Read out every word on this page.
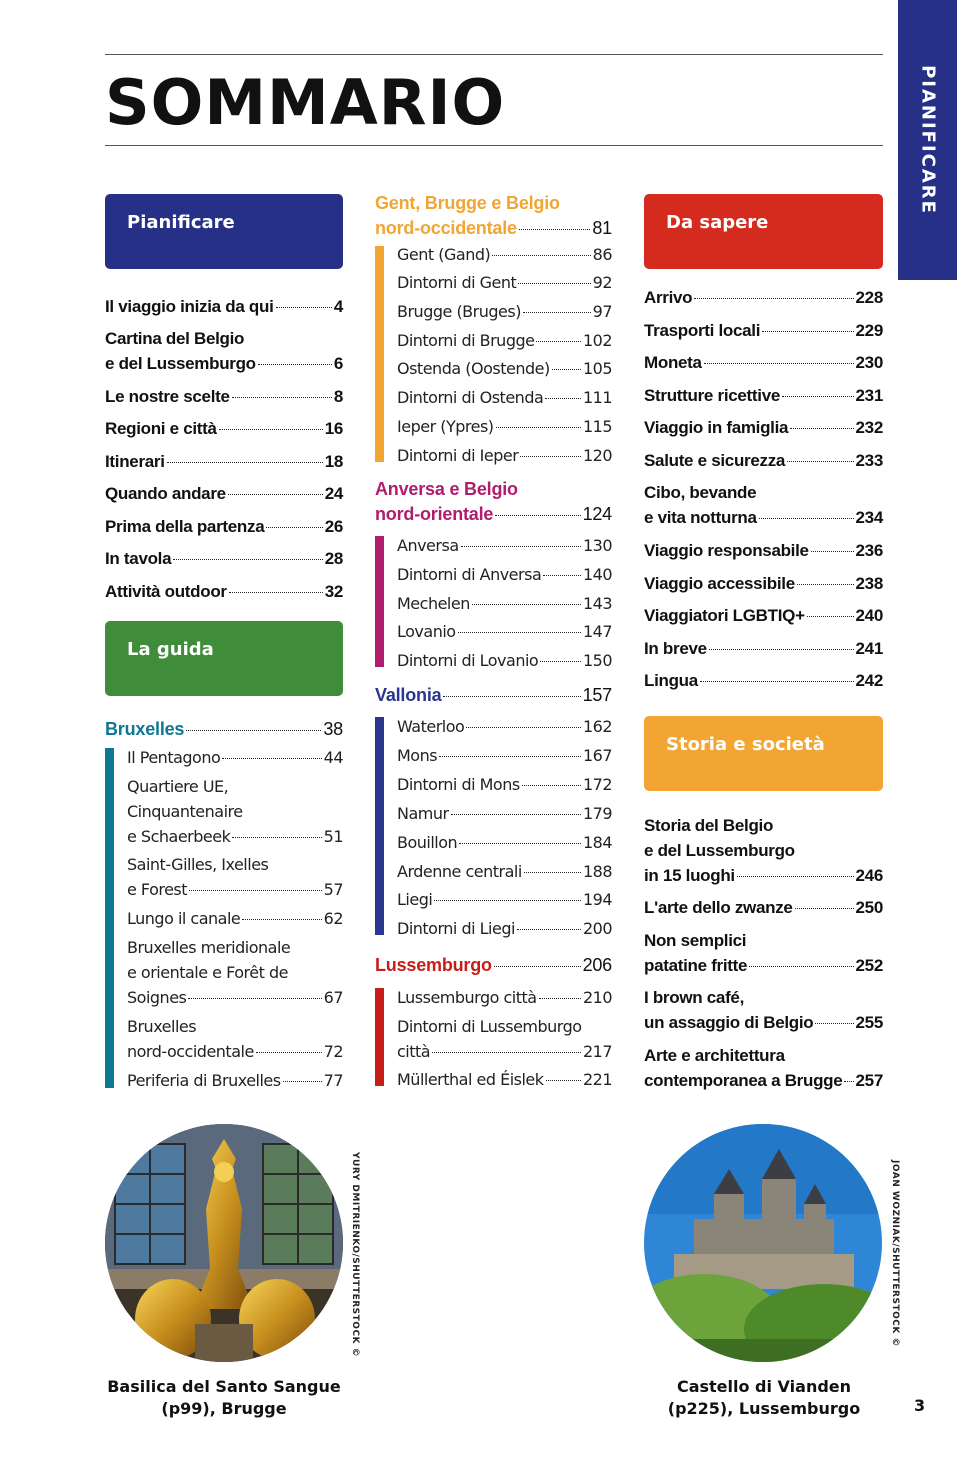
SOMMARIO	PIANIFICARE
Pianificare
Il viaggio inizia da qui	4
Cartina del Belgio
e del Lussemburgo	6
Le nostre scelte	8
Regioni e città	16
Itinerari	18
Quando andare	24
Prima della partenza	26
In tavola	28
Attività outdoor	32
La guida
Bruxelles	38
Il Pentagono	44
Quartiere UE,
Cinquantenaire
e Schaerbeek	51
Saint-Gilles, Ixelles
e Forest	57
Lungo il canale	62
Bruxelles meridionale
e orientale e Forêt de
Soignes	67
Bruxelles
nord-occidentale	72
Periferia di Bruxelles	77
Gent, Brugge e Belgio
nord-occidentale	81
Gent (Gand)	86
Dintorni di Gent	92
Brugge (Bruges)	97
Dintorni di Brugge	102
Ostenda (Oostende) 105
Dintorni di Ostenda 111
Ieper (Ypres)	115
Dintorni di Ieper	120
Anversa e Belgio
nord-orientale	124
Anversa	130
Dintorni di Anversa	140
Mechelen	143
Lovanio	147
Dintorni di Lovanio	150
Vallonia	157
Waterloo	162
Mons	167
Dintorni di Mons	172
Namur	179
Bouillon	184
Ardenne centrali	188
Liegi	194
Dintorni di Liegi	200
Lussemburgo	206
Lussemburgo città	210
Dintorni di Lussemburgo
città	217
Müllerthal ed Éislek 221
Da sapere
Arrivo	228
Trasporti locali	229
Moneta	230
Strutture ricettive	231
Viaggio in famiglia	232
Salute e sicurezza	233
Cibo, bevande
e vita notturna	234
Viaggio responsabile	236
Viaggio accessibile	238
Viaggiatori LGBTIQ+	240
In breve	241
Lingua	242
Storia e società
Storia del Belgio
e del Lussemburgo
in 15 luoghi	246
L'arte dello zwanze	250
Non semplici
patatine fritte	252
I brown café,
un assaggio di Belgio 255
Arte e architettura
contemporanea a Brugge 257
YURY DMITRIENKO/SHUTTERSTOCK ©
Basilica del Santo Sangue
(p99), Brugge
JOAN WOZNIAK/SHUTTERSTOCK ©
Castello di Vianden
(p225), Lussemburgo	3
